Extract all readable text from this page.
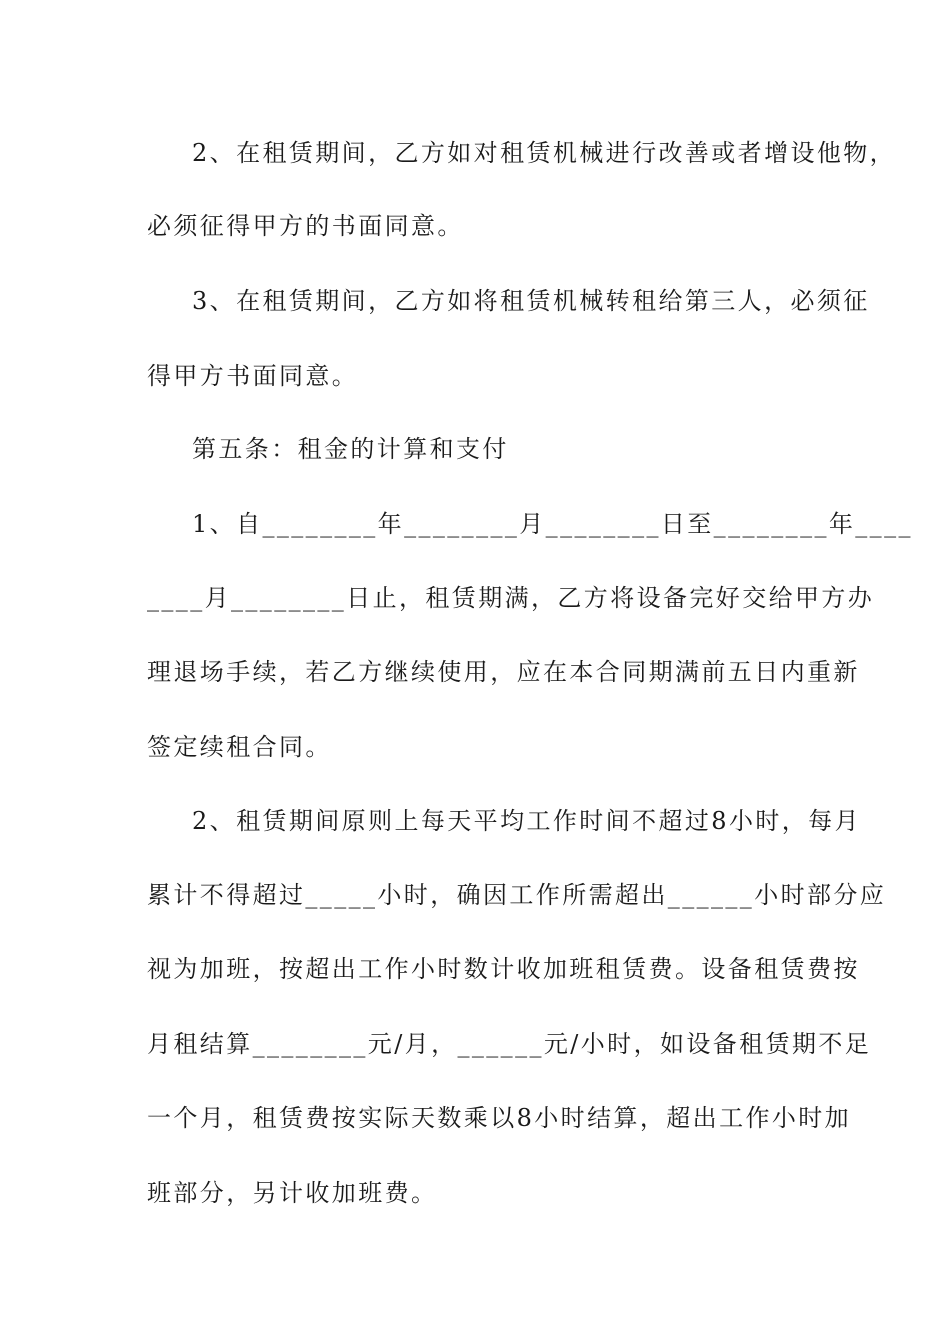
2、在租赁期间，乙方如对租赁机械进行改善或者增设他物，
必须征得甲方的书面同意。
3、在租赁期间，乙方如将租赁机械转租给第三人，必须征
得甲方书面同意。
第五条：租金的计算和支付
1、自________年________月________日至________年____
____月________日止，租赁期满，乙方将设备完好交给甲方办
理退场手续，若乙方继续使用，应在本合同期满前五日内重新
签定续租合同。
2、租赁期间原则上每天平均工作时间不超过8小时，每月
累计不得超过_____小时，确因工作所需超出______小时部分应
视为加班，按超出工作小时数计收加班租赁费。设备租赁费按
月租结算________元/月，______元/小时，如设备租赁期不足
一个月，租赁费按实际天数乘以8小时结算，超出工作小时加
班部分，另计收加班费。
